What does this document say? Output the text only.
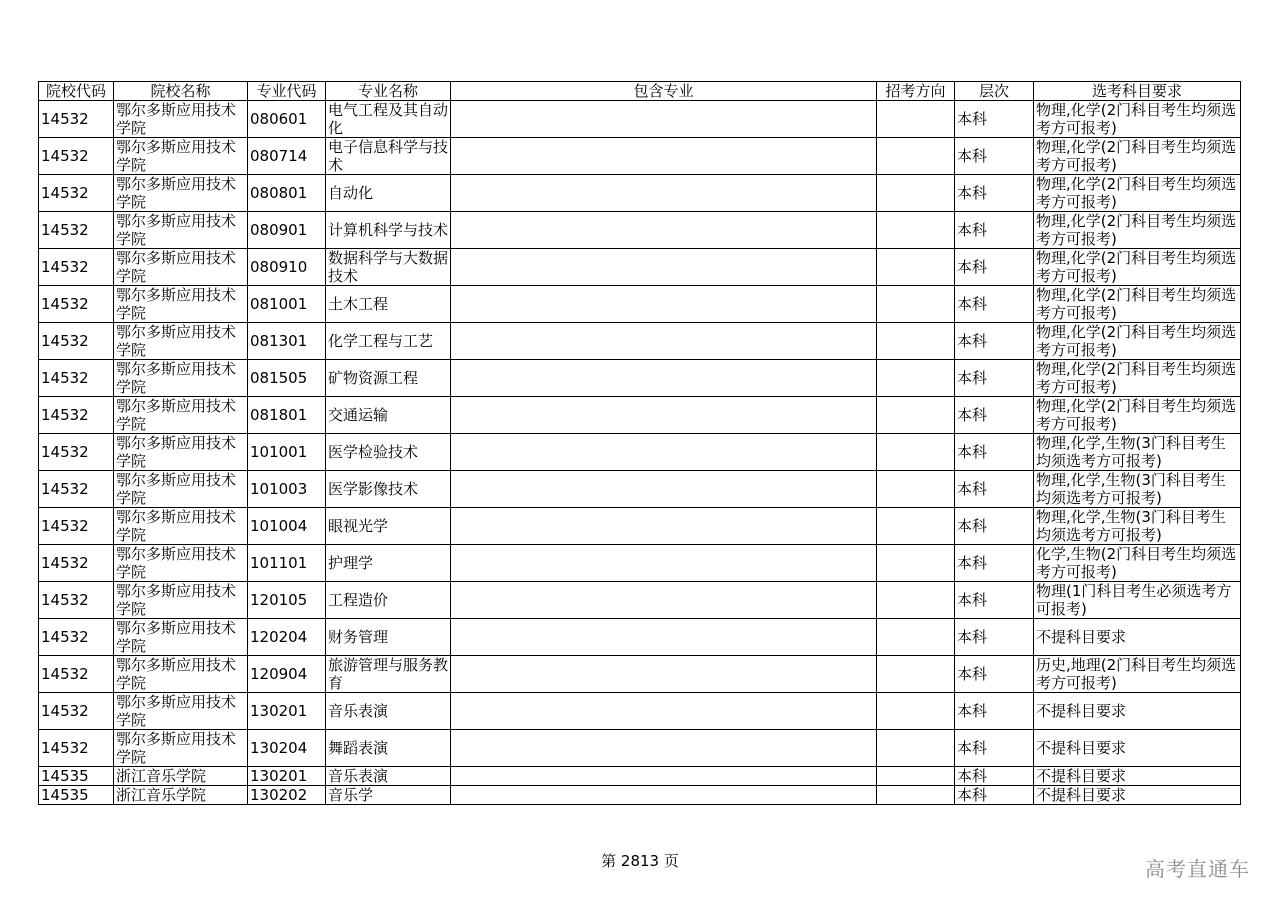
院校代码	院校名称	专业代码	专业名称	包含专业	招考方向	层次	选考科目要求
14532	鄂尔多斯应用技术学院	080601	电气工程及其自动化			本科	物理,化学(2门科目考生均须选考方可报考)
14532	鄂尔多斯应用技术学院	080714	电子信息科学与技术			本科	物理,化学(2门科目考生均须选考方可报考)
14532	鄂尔多斯应用技术学院	080801	自动化			本科	物理,化学(2门科目考生均须选考方可报考)
14532	鄂尔多斯应用技术学院	080901	计算机科学与技术			本科	物理,化学(2门科目考生均须选考方可报考)
14532	鄂尔多斯应用技术学院	080910	数据科学与大数据技术			本科	物理,化学(2门科目考生均须选考方可报考)
14532	鄂尔多斯应用技术学院	081001	土木工程			本科	物理,化学(2门科目考生均须选考方可报考)
14532	鄂尔多斯应用技术学院	081301	化学工程与工艺			本科	物理,化学(2门科目考生均须选考方可报考)
14532	鄂尔多斯应用技术学院	081505	矿物资源工程			本科	物理,化学(2门科目考生均须选考方可报考)
14532	鄂尔多斯应用技术学院	081801	交通运输			本科	物理,化学(2门科目考生均须选考方可报考)
14532	鄂尔多斯应用技术学院	101001	医学检验技术			本科	物理,化学,生物(3门科目考生均须选考方可报考)
14532	鄂尔多斯应用技术学院	101003	医学影像技术			本科	物理,化学,生物(3门科目考生均须选考方可报考)
14532	鄂尔多斯应用技术学院	101004	眼视光学			本科	物理,化学,生物(3门科目考生均须选考方可报考)
14532	鄂尔多斯应用技术学院	101101	护理学			本科	化学,生物(2门科目考生均须选考方可报考)
14532	鄂尔多斯应用技术学院	120105	工程造价			本科	物理(1门科目考生必须选考方可报考)
14532	鄂尔多斯应用技术学院	120204	财务管理			本科	不提科目要求
14532	鄂尔多斯应用技术学院	120904	旅游管理与服务教育			本科	历史,地理(2门科目考生均须选考方可报考)
14532	鄂尔多斯应用技术学院	130201	音乐表演			本科	不提科目要求
14532	鄂尔多斯应用技术学院	130204	舞蹈表演			本科	不提科目要求
14535	浙江音乐学院	130201	音乐表演			本科	不提科目要求
14535	浙江音乐学院	130202	音乐学			本科	不提科目要求
第 2813 页	高考直通车
